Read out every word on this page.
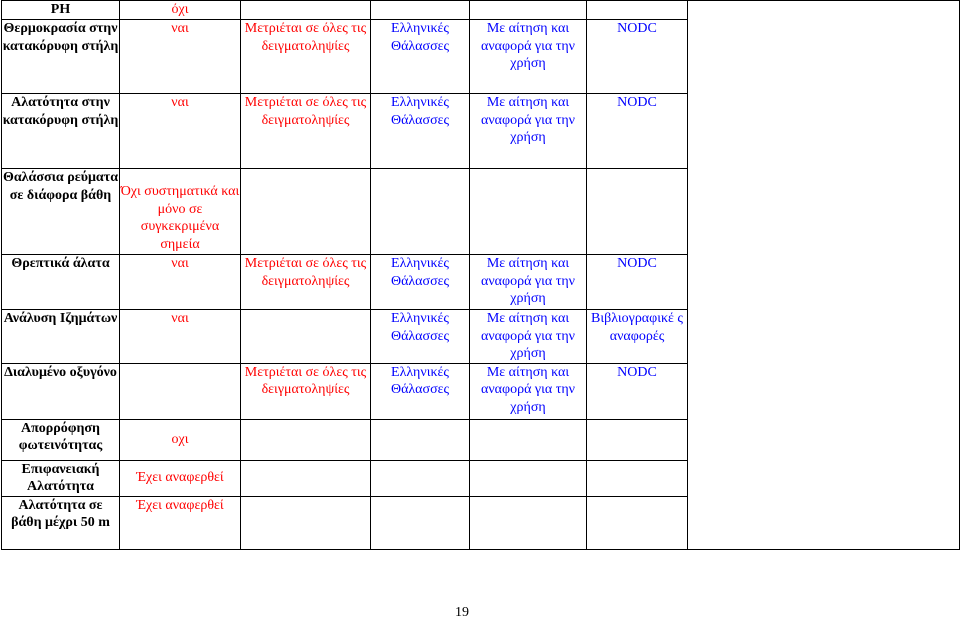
PH	όχι					
Θερμοκρασία στην κατακόρυφη στήλη	ναι	Μετριέται σε όλες τις δειγματοληψίες	Ελληνικές Θάλασσες	Με αίτηση και αναφορά για την χρήση	NODC	
Αλατότητα στην κατακόρυφη στήλη	ναι	Μετριέται σε όλες τις δειγματοληψίες	Ελληνικές Θάλασσες	Με αίτηση και αναφορά για την χρήση	NODC	
Θαλάσσια ρεύματα σε διάφορα βάθη	Όχι συστηματικά και μόνο σε συγκεκριμένα σημεία					
Θρεπτικά άλατα	ναι	Μετριέται σε όλες τις δειγματοληψίες	Ελληνικές Θάλασσες	Με αίτηση και αναφορά για την χρήση	NODC	
Ανάλυση Ιζημάτων	ναι		Ελληνικές Θάλασσες	Με αίτηση και αναφορά για την χρήση	Βιβλιογραφικέ ς αναφορές	
Διαλυμένο οξυγόνο		Μετριέται σε όλες τις δειγματοληψίες	Ελληνικές Θάλασσες	Με αίτηση και αναφορά για την χρήση	NODC	
Απορρόφηση φωτεινότητας	οχι					
Επιφανειακή Αλατότητα	Έχει αναφερθεί					
Αλατότητα σε βάθη μέχρι 50 m	Έχει αναφερθεί					
19
